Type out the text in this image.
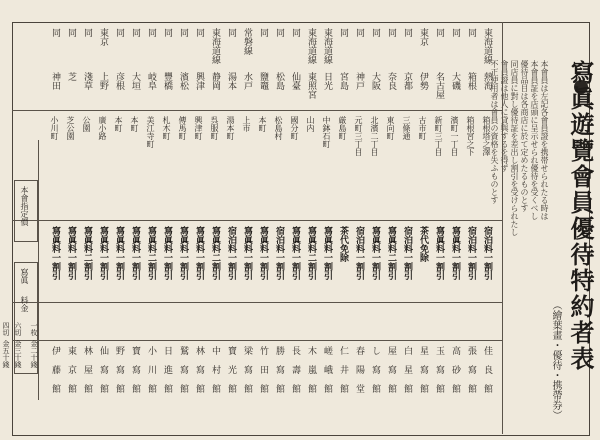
寫眞遊覽會員優待特約者表
（繪葉畫・優待・携帶券）
本會員は左記各會員證を携帯せられたる時は
本會員証を店頭に呈示せられ優待を受くべし
優待品目は各商店に於て定めたるものとす
同店員に對し優待証を差出し割引を受けられたし
會員證は他人に貸與するを得ず
不正使用者は會員の資格を失ふものとす
東海道線
同
同
同
東京
同
同
同
同
同
東海道線
東海道線
同
同
同
常磐線
同
東海道線
同
同
同
同
同
同
東京
同
同
同
熱海
箱根
大磯
名古屋
伊勢
京都
奈良
大阪
神戸
宮島
日光
東照宮
仙臺
松島
鹽竈
水戸
湯本
静岡
興津
濱松
豐橋
岐阜
大垣
彦根
上野
淺草
芝
神田
箱根塔之澤
箱根宮之下
濱町一丁目
新町三丁目
古市町
三條通
東向町
北濱二丁目
元町三丁目
厳島町
中鉢石町
山内
國分町
松島村
本町
上市
湯本町
呉服町
興津町
傳馬町
札木町
美江寺町
本町
本町
廣小路
公園
芝公園
小川町
宿泊料一割引
宿泊料一割引
寫眞料一割引
寫眞料一割引
茶代免除
宿泊料一割引
寫眞料二割引
寫眞料一割引
宿泊料一割引
茶代免除
寫眞料一割引
寫眞料二割引
寫眞料一割引
宿泊料一割引
寫眞料一割引
寫眞料一割引
宿泊料一割引
寫眞料二割引
寫眞料一割引
寫眞料一割引
寫眞料一割引
寫眞料二割引
寫眞料一割引
寫眞料一割引
寫眞料一割引
寫眞料二割引
寫眞料一割引
寫眞料一割引
佳 良 館
張 寫 館
高 砂 館
玉 寫 館
星 寫 館
白 星 館
屋 寫 館
し 寫 館
春 陽 堂
仁 井 館
嵯 峨 館
木 嵐 館
長 壽 館
勝 寫 館
竹 田 館
梁 寫 館
寶 光 館
中 村 館
林 寫 館
鷲 寫 館
日 進 館
小 川 館
寶 寫 館
野 寫 館
仙 寫 館
林 屋 館
東 京 館
伊 藤 館
本會指定價
寫眞
料金
一枚
金二十錢
六切
金三十錢
四切
金五十錢
